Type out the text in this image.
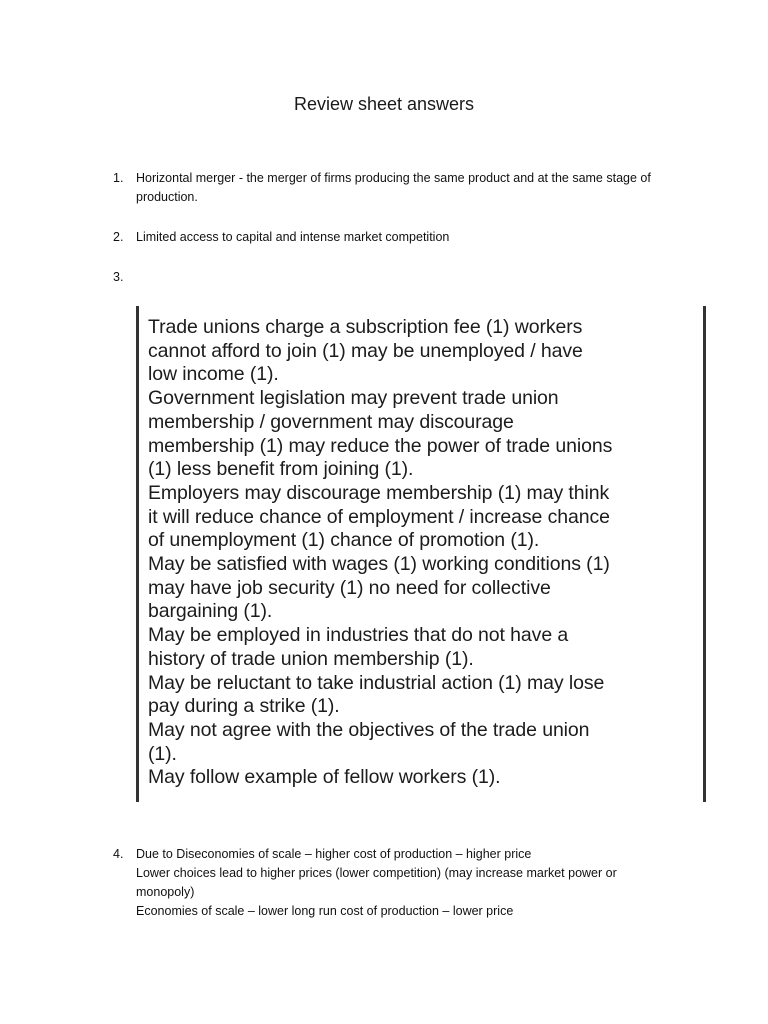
Review sheet answers
1.	Horizontal merger - the merger of firms producing the same product and at the same stage of
production.
2.	Limited access to capital and intense market competition
3.
Trade unions charge a subscription fee (1) workers
cannot afford to join (1) may be unemployed / have
low income (1).
Government legislation may prevent trade union
membership / government may discourage
membership (1) may reduce the power of trade unions
(1) less benefit from joining (1).
Employers may discourage membership (1) may think
it will reduce chance of employment / increase chance
of unemployment (1) chance of promotion (1).
May be satisfied with wages (1) working conditions (1)
may have job security (1) no need for collective
bargaining (1).
May be employed in industries that do not have a
history of trade union membership (1).
May be reluctant to take industrial action (1) may lose
pay during a strike (1).
May not agree with the objectives of the trade union
(1).
May follow example of fellow workers (1).
4.	Due to Diseconomies of scale – higher cost of production – higher price
Lower choices lead to higher prices (lower competition) (may increase market power or
monopoly)
Economies of scale – lower long run cost of production – lower price
